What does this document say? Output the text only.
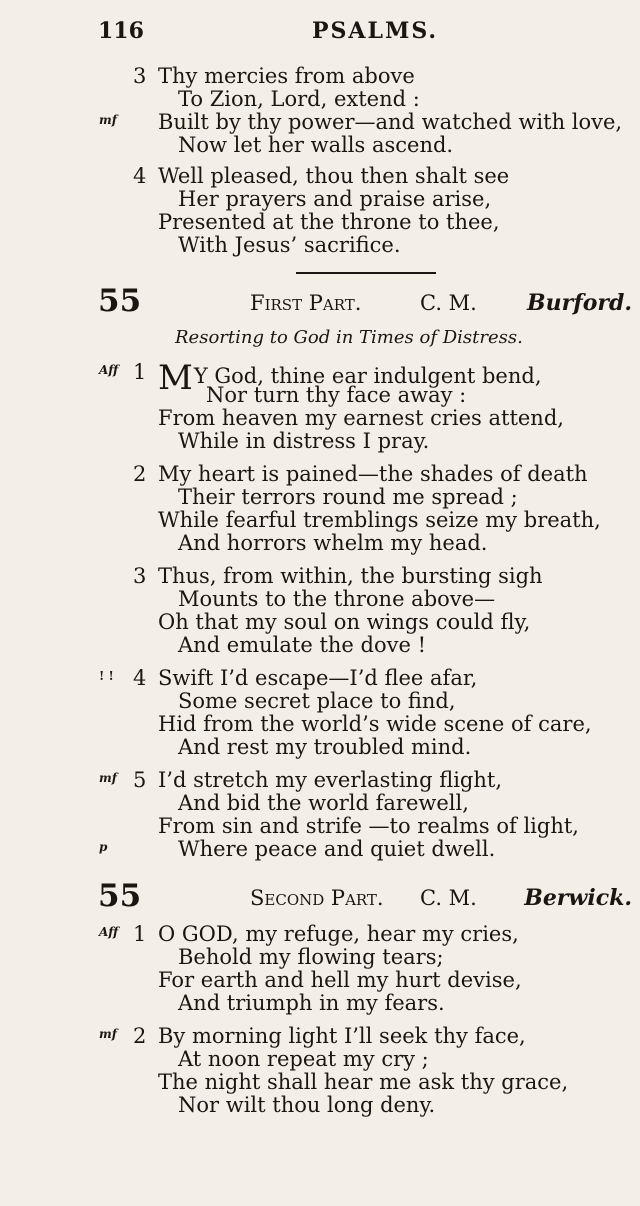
116	PSALMS.
3 Thy mercies from above
To Zion, Lord, extend :
mf Built by thy power—and watched with love,
Now let her walls ascend.
4 Well pleased, thou then shalt see
Her prayers and praise arise,
Presented at the throne to thee,
With Jesus’ sacrifice.
55	First Part.	C. M. Burford.
Resorting to God in Times of Distress.
Aff 1 MY God, thine ear indulgent bend,
Nor turn thy face away :
From heaven my earnest cries attend,
While in distress I pray.
2 My heart is pained—the shades of death
Their terrors round me spread ;
While fearful tremblings seize my breath,
And horrors whelm my head.
3 Thus, from within, the bursting sigh
Mounts to the throne above—
Oh that my soul on wings could fly,
And emulate the dove !
! ! 4 Swift I’d escape—I’d flee afar,
Some secret place to find,
Hid from the world’s wide scene of care,
And rest my troubled mind.
mf 5 I’d stretch my everlasting flight,
And bid the world farewell,
From sin and strife —to realms of light,
p	Where peace and quiet dwell.
55	Second Part. C. M. Berwick.
Aff 1 O GOD, my refuge, hear my cries,
Behold my flowing tears;
For earth and hell my hurt devise,
And triumph in my fears.
mf 2 By morning light I’ll seek thy face,
At noon repeat my cry ;
The night shall hear me ask thy grace,
Nor wilt thou long deny.
